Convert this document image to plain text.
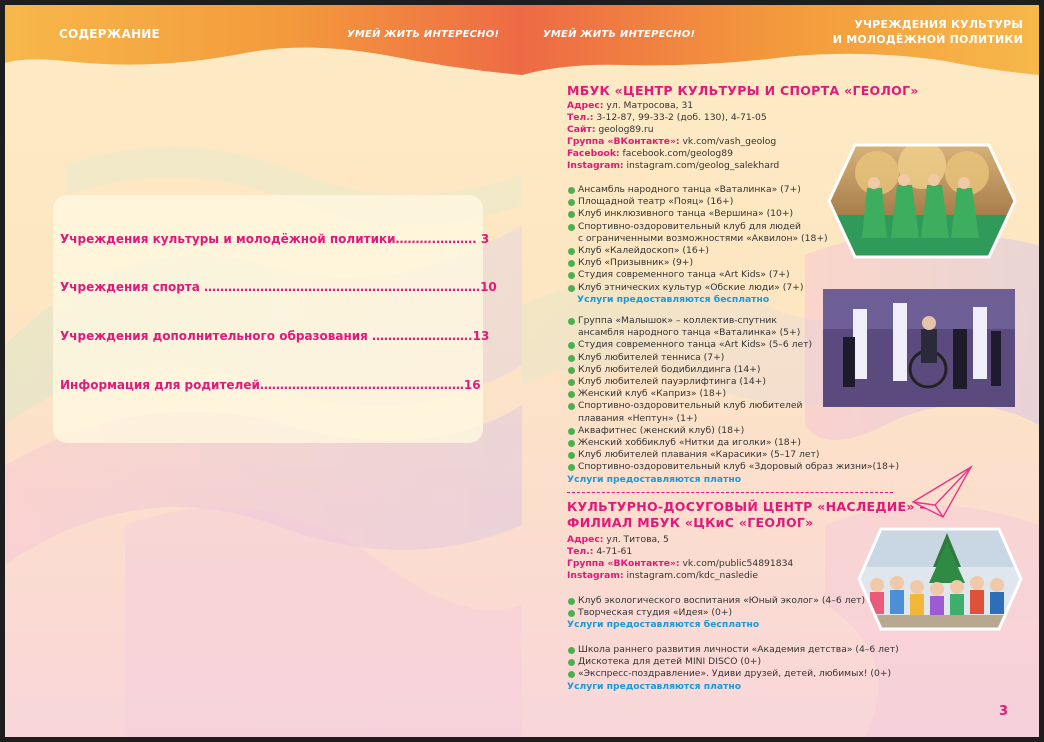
СОДЕРЖАНИЕ	УМЕЙ ЖИТЬ ИНТЕРЕСНО!	УМЕЙ ЖИТЬ ИНТЕРЕСНО!
УЧРЕЖДЕНИЯ КУЛЬТУРЫ
И МОЛОДЁЖНОЙ ПОЛИТИКИ
Учреждения культуры и молодёжной политики……….………. 3
Учреждения спорта ……………………………………………………………10
Учреждения дополнительного образования …………………….13
Информация для родителей……………………………………………16
МБУК «ЦЕНТР КУЛЬТУРЫ И СПОРТА «ГЕОЛОГ»
Адрес: ул. Матросова, 31
Тел.: 3-12-87, 99-33-2 (доб. 130), 4-71-05
Сайт: geolog89.ru
Группа «ВКонтакте»: vk.com/vash_geolog
Facebook: facebook.com/geolog89
Instagram: instagram.com/geolog_salekhard
Ансамбль народного танца «Ваталинка» (7+)
Площадной театр «Пояц» (16+)
Клуб инклюзивного танца «Вершина» (10+)
Спортивно-оздоровительный клуб для людей
с ограниченными возможностями «Аквилон» (18+)
Клуб «Калейдоскоп» (16+)
Клуб «Призывник» (9+)
Студия современного танца «Art Kids» (7+)
Клуб этнических культур «Обские люди» (7+)
Услуги предоставляются бесплатно
Группа «Малышок» – коллектив-спутник
ансамбля народного танца «Ваталинка» (5+)
Студия современного танца «Art Kids» (5–6 лет)
Клуб любителей тенниса (7+)
Клуб любителей бодибилдинга (14+)
Клуб любителей пауэрлифтинга (14+)
Женский клуб «Каприз» (18+)
Спортивно-оздоровительный клуб любителей
плавания «Нептун» (1+)
Аквафитнес (женский клуб) (18+)
Женский хоббиклуб «Нитки да иголки» (18+)
Клуб любителей плавания «Карасики» (5–17 лет)
Спортивно-оздоровительный клуб «Здоровый образ жизни»(18+)
Услуги предоставляются платно
КУЛЬТУРНО-ДОСУГОВЫЙ ЦЕНТР «НАСЛЕДИЕ» –
ФИЛИАЛ МБУК «ЦКиС «ГЕОЛОГ»
Адрес: ул. Титова, 5
Тел.: 4-71-61
Группа «ВКонтакте»: vk.com/public54891834
Instagram: instagram.com/kdc_nasledie
Клуб экологического воспитания «Юный эколог» (4–6 лет)
Творческая студия «Идея» (0+)
Услуги предоставляются бесплатно
Школа раннего развития личности «Академия детства» (4–6 лет)
Дискотека для детей MINI DISCO (0+)
«Экспресс-поздравление». Удиви друзей, детей, любимых! (0+)
Услуги предоставляются платно
3
